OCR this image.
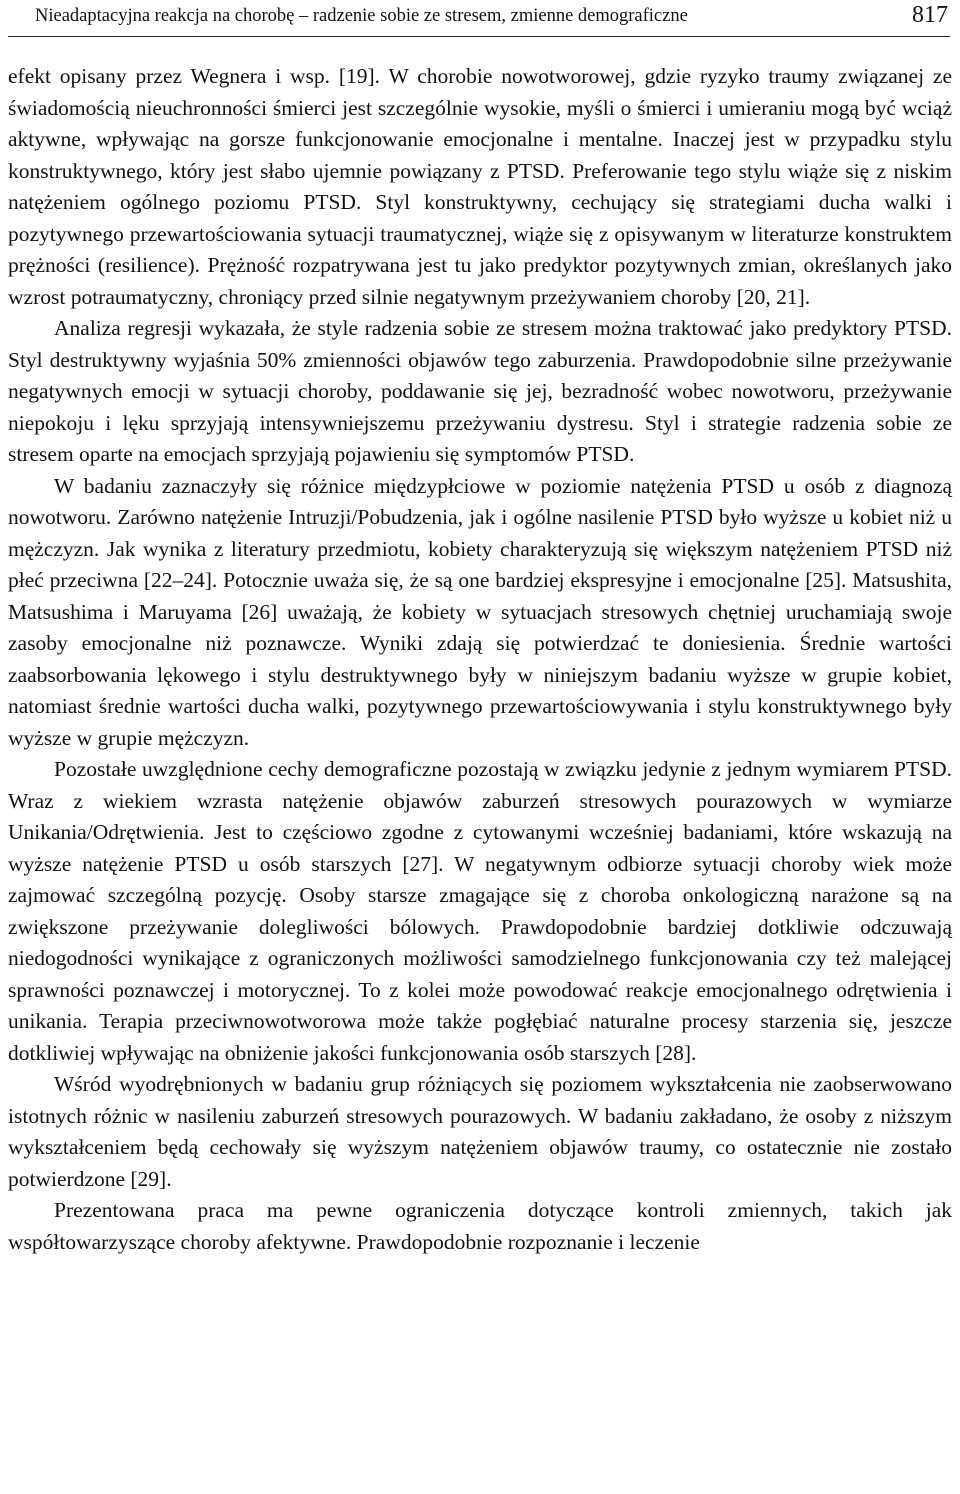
Nieadaptacyjna reakcja na chorobę – radzenie sobie ze stresem, zmienne demograficzne	817

efekt opisany przez Wegnera i wsp. [19]. W chorobie nowotworowej, gdzie ryzyko traumy związanej ze świadomością nieuchronności śmierci jest szczególnie wysokie, myśli o śmierci i umieraniu mogą być wciąż aktywne, wpływając na gorsze funkcjonowanie emocjonalne i mentalne. Inaczej jest w przypadku stylu konstruktywnego, który jest słabo ujemnie powiązany z PTSD. Preferowanie tego stylu wiąże się z niskim natężeniem ogólnego poziomu PTSD. Styl konstruktywny, cechujący się strategiami ducha walki i pozytywnego przewartościowania sytuacji traumatycznej, wiąże się z opisywanym w literaturze konstruktem prężności (resilience). Prężność rozpatrywana jest tu jako predyktor pozytywnych zmian, określanych jako wzrost potraumatyczny, chroniący przed silnie negatywnym przeżywaniem choroby [20, 21].

Analiza regresji wykazała, że style radzenia sobie ze stresem można traktować jako predyktory PTSD. Styl destruktywny wyjaśnia 50% zmienności objawów tego zaburzenia. Prawdopodobnie silne przeżywanie negatywnych emocji w sytuacji choroby, poddawanie się jej, bezradność wobec nowotworu, przeżywanie niepokoju i lęku sprzyjają intensywniejszemu przeżywaniu dystresu. Styl i strategie radzenia sobie ze stresem oparte na emocjach sprzyjają pojawieniu się symptomów PTSD.

W badaniu zaznaczyły się różnice międzypłciowe w poziomie natężenia PTSD u osób z diagnozą nowotworu. Zarówno natężenie Intruzji/Pobudzenia, jak i ogólne nasilenie PTSD było wyższe u kobiet niż u mężczyzn. Jak wynika z literatury przedmiotu, kobiety charakteryzują się większym natężeniem PTSD niż płeć przeciwna [22–24]. Potocznie uważa się, że są one bardziej ekspresyjne i emocjonalne [25]. Matsushita, Matsushima i Maruyama [26] uważają, że kobiety w sytuacjach stresowych chętniej uruchamiają swoje zasoby emocjonalne niż poznawcze. Wyniki zdają się potwierdzać te doniesienia. Średnie wartości zaabsorbowania lękowego i stylu destruktywnego były w niniejszym badaniu wyższe w grupie kobiet, natomiast średnie wartości ducha walki, pozytywnego przewartościowywania i stylu konstruktywnego były wyższe w grupie mężczyzn.

Pozostałe uwzględnione cechy demograficzne pozostają w związku jedynie z jednym wymiarem PTSD. Wraz z wiekiem wzrasta natężenie objawów zaburzeń stresowych pourazowych w wymiarze Unikania/Odrętwienia. Jest to częściowo zgodne z cytowanymi wcześniej badaniami, które wskazują na wyższe natężenie PTSD u osób starszych [27]. W negatywnym odbiorze sytuacji choroby wiek może zajmować szczególną pozycję. Osoby starsze zmagające się z choroba onkologiczną narażone są na zwiększone przeżywanie dolegliwości bólowych. Prawdopodobnie bardziej dotkliwie odczuwają niedogodności wynikające z ograniczonych możliwości samodzielnego funkcjonowania czy też malejącej sprawności poznawczej i motorycznej. To z kolei może powodować reakcje emocjonalnego odrętwienia i unikania. Terapia przeciwnowotworowa może także pogłębiać naturalne procesy starzenia się, jeszcze dotkliwiej wpływając na obniżenie jakości funkcjonowania osób starszych [28].

Wśród wyodrębnionych w badaniu grup różniących się poziomem wykształcenia nie zaobserwowano istotnych różnic w nasileniu zaburzeń stresowych pourazowych. W badaniu zakładano, że osoby z niższym wykształceniem będą cechowały się wyższym natężeniem objawów traumy, co ostatecznie nie zostało potwierdzone [29].

Prezentowana praca ma pewne ograniczenia dotyczące kontroli zmiennych, takich jak współtowarzyszące choroby afektywne. Prawdopodobnie rozpoznanie i leczenie
